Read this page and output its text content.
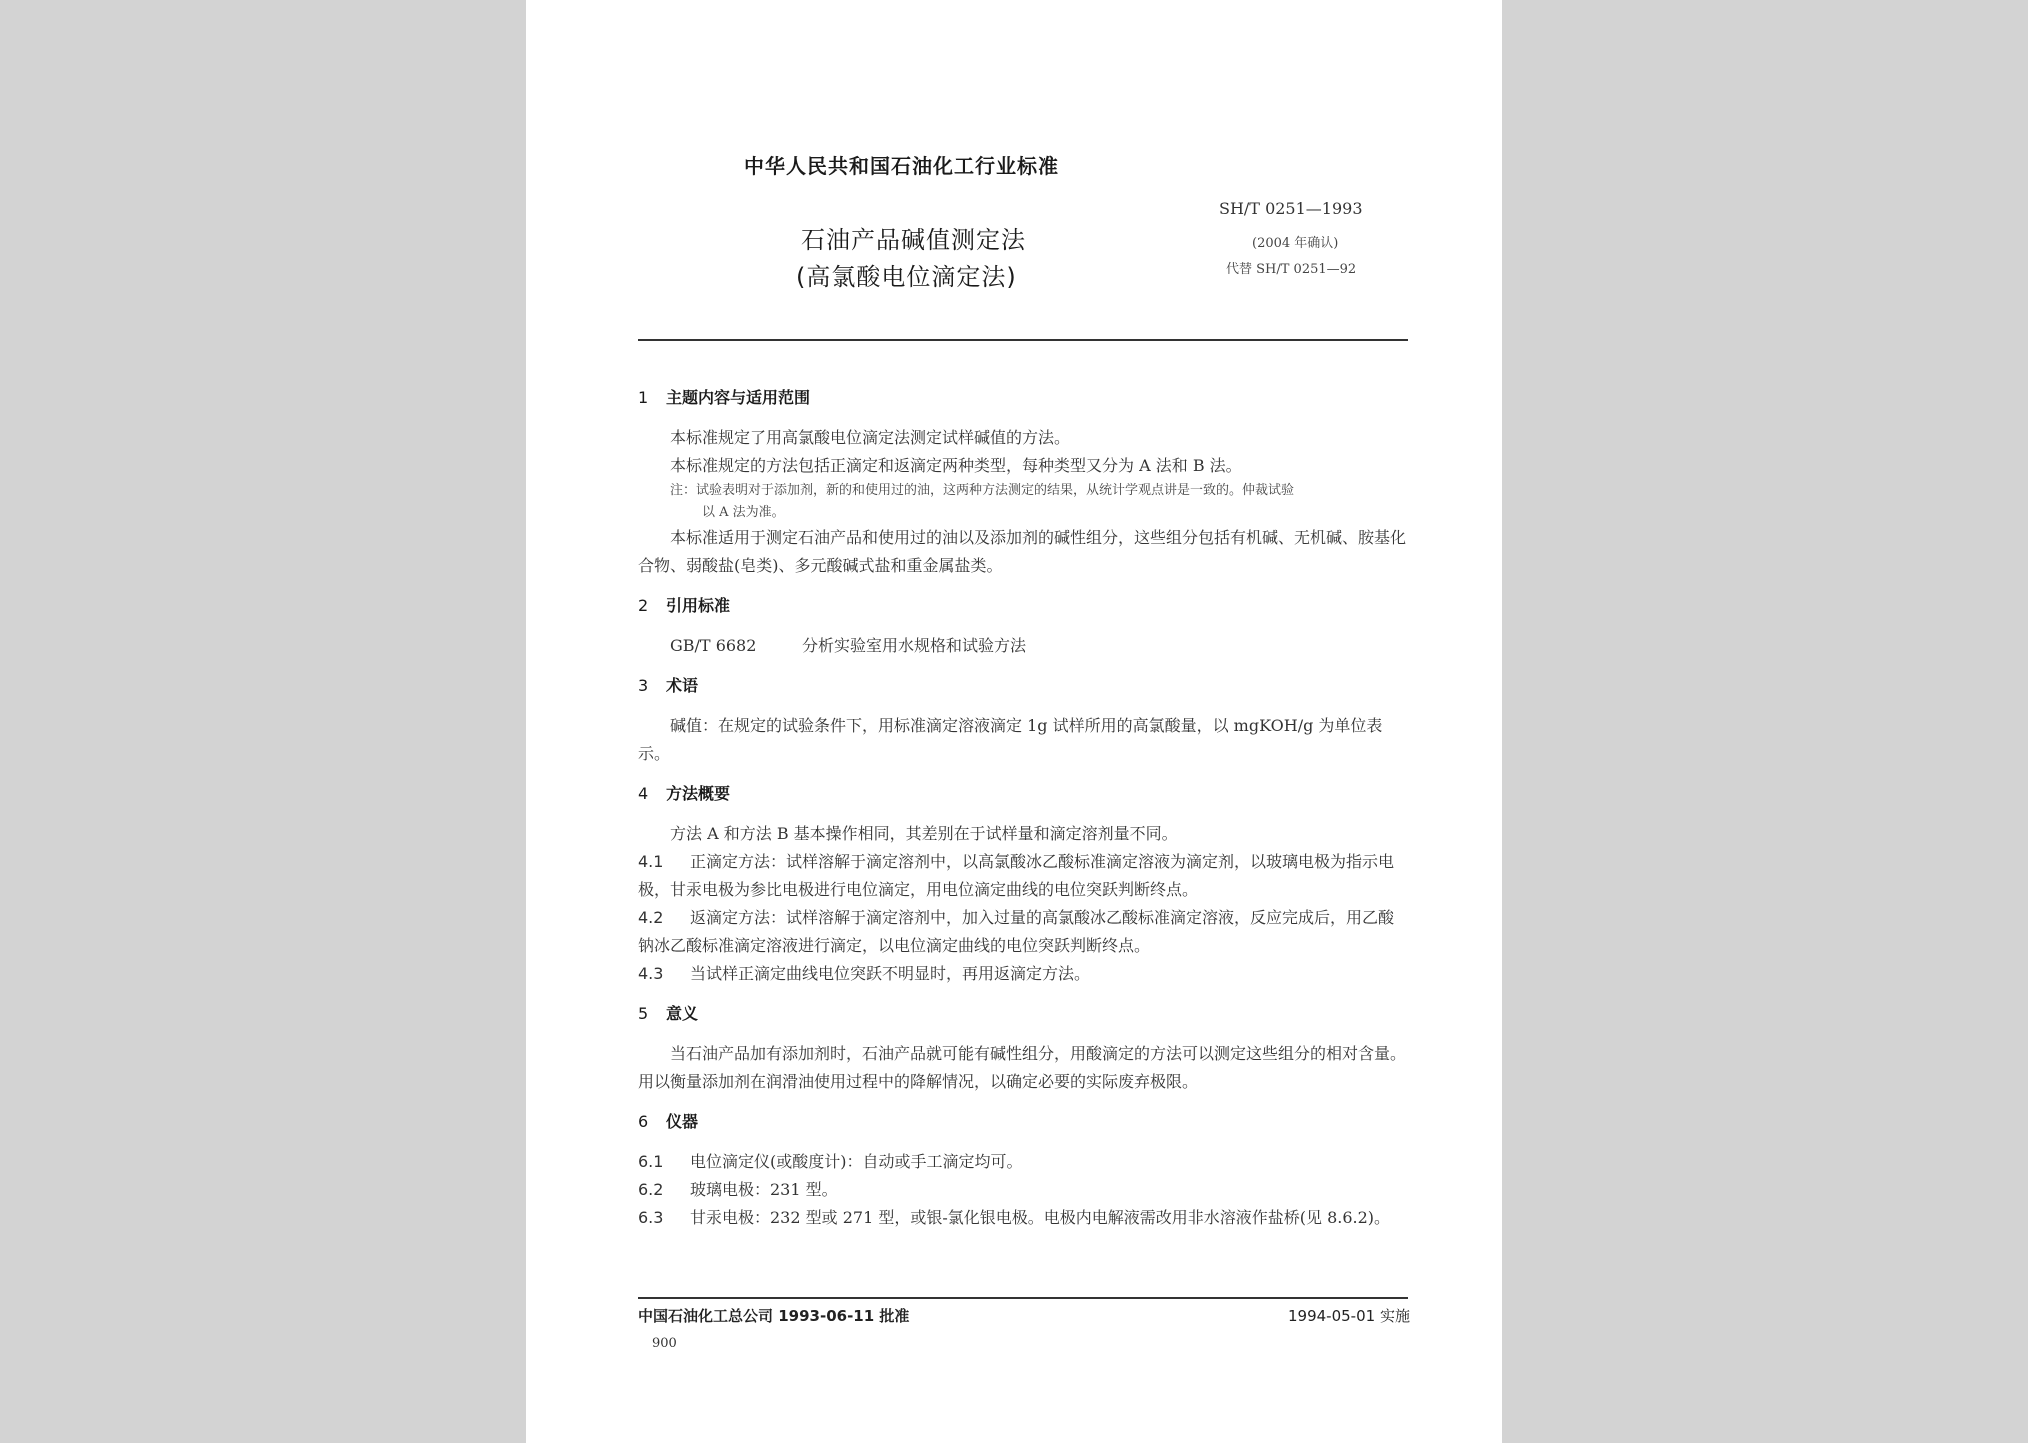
中华人民共和国石油化工行业标准
石油产品碱值测定法
(高氯酸电位滴定法)
SH/T 0251—1993
(2004 年确认)
代替 SH/T 0251—92
1 主题内容与适用范围

本标准规定了用高氯酸电位滴定法测定试样碱值的方法。

本标准规定的方法包括正滴定和返滴定两种类型，每种类型又分为 A 法和 B 法。

注：试验表明对于添加剂，新的和使用过的油，这两种方法测定的结果，从统计学观点讲是一致的。仲裁试验
以 A 法为准。

本标准适用于测定石油产品和使用过的油以及添加剂的碱性组分，这些组分包括有机碱、无机碱、胺基化合物、弱酸盐(皂类)、多元酸碱式盐和重金属盐类。

2 引用标准

GB/T 6682	分析实验室用水规格和试验方法

3 术语

碱值：在规定的试验条件下，用标准滴定溶液滴定 1g 试样所用的高氯酸量，以 mgKOH/g 为单位表示。

4 方法概要

方法 A 和方法 B 基本操作相同，其差别在于试样量和滴定溶剂量不同。

4.1 正滴定方法：试样溶解于滴定溶剂中，以高氯酸冰乙酸标准滴定溶液为滴定剂，以玻璃电极为指示电极，甘汞电极为参比电极进行电位滴定，用电位滴定曲线的电位突跃判断终点。

4.2 返滴定方法：试样溶解于滴定溶剂中，加入过量的高氯酸冰乙酸标准滴定溶液，反应完成后，用乙酸钠冰乙酸标准滴定溶液进行滴定，以电位滴定曲线的电位突跃判断终点。

4.3 当试样正滴定曲线电位突跃不明显时，再用返滴定方法。

5 意义

当石油产品加有添加剂时，石油产品就可能有碱性组分，用酸滴定的方法可以测定这些组分的相对含量。用以衡量添加剂在润滑油使用过程中的降解情况，以确定必要的实际废弃极限。

6 仪器

6.1 电位滴定仪(或酸度计)：自动或手工滴定均可。

6.2 玻璃电极：231 型。

6.3 甘汞电极：232 型或 271 型，或银-氯化银电极。电极内电解液需改用非水溶液作盐桥(见 8.6.2)。

中国石油化工总公司 1993-06-11 批准	1994-05-01 实施
900
